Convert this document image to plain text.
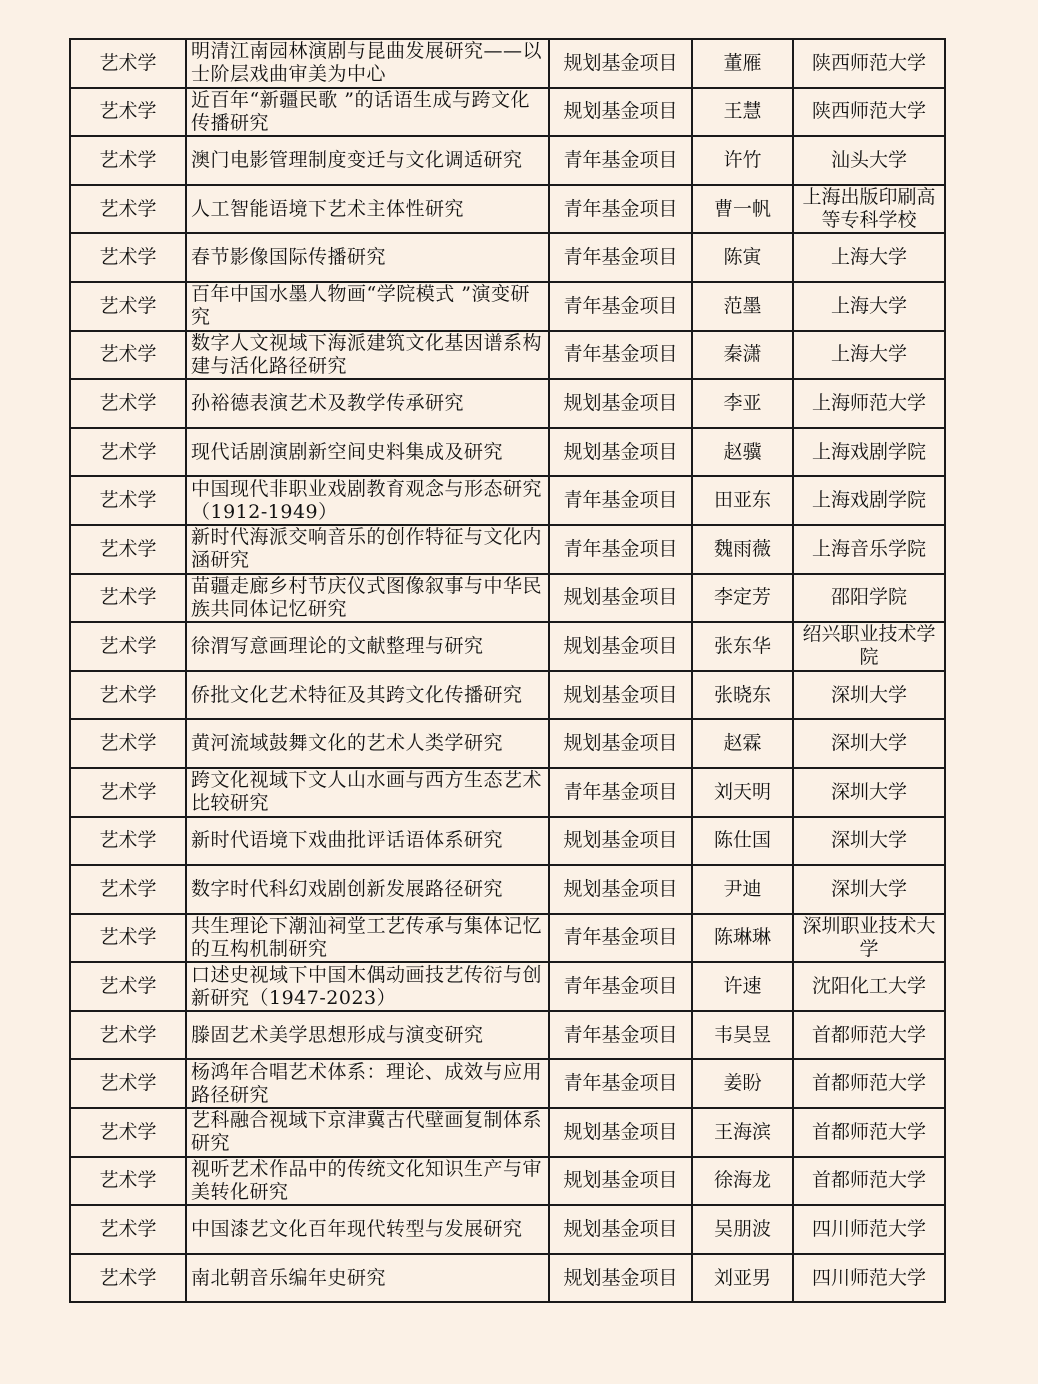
艺术学	明清江南园林演剧与昆曲发展研究——以士阶层戏曲审美为中心	规划基金项目	董雁	陕西师范大学
艺术学	近百年“新疆民歌 ”的话语生成与跨文化传播研究	规划基金项目	王慧	陕西师范大学
艺术学	澳门电影管理制度变迁与文化调适研究	青年基金项目	许竹	汕头大学
艺术学	人工智能语境下艺术主体性研究	青年基金项目	曹一帆	上海出版印刷高等专科学校
艺术学	春节影像国际传播研究	青年基金项目	陈寅	上海大学
艺术学	百年中国水墨人物画“学院模式 ”演变研究	青年基金项目	范墨	上海大学
艺术学	数字人文视域下海派建筑文化基因谱系构建与活化路径研究	青年基金项目	秦潇	上海大学
艺术学	孙裕德表演艺术及教学传承研究	规划基金项目	李亚	上海师范大学
艺术学	现代话剧演剧新空间史料集成及研究	规划基金项目	赵骥	上海戏剧学院
艺术学	中国现代非职业戏剧教育观念与形态研究（1912-1949）	青年基金项目	田亚东	上海戏剧学院
艺术学	新时代海派交响音乐的创作特征与文化内涵研究	青年基金项目	魏雨薇	上海音乐学院
艺术学	苗疆走廊乡村节庆仪式图像叙事与中华民族共同体记忆研究	规划基金项目	李定芳	邵阳学院
艺术学	徐渭写意画理论的文献整理与研究	规划基金项目	张东华	绍兴职业技术学院
艺术学	侨批文化艺术特征及其跨文化传播研究	规划基金项目	张晓东	深圳大学
艺术学	黄河流域鼓舞文化的艺术人类学研究	规划基金项目	赵霖	深圳大学
艺术学	跨文化视域下文人山水画与西方生态艺术比较研究	青年基金项目	刘天明	深圳大学
艺术学	新时代语境下戏曲批评话语体系研究	规划基金项目	陈仕国	深圳大学
艺术学	数字时代科幻戏剧创新发展路径研究	规划基金项目	尹迪	深圳大学
艺术学	共生理论下潮汕祠堂工艺传承与集体记忆的互构机制研究	青年基金项目	陈琳琳	深圳职业技术大学
艺术学	口述史视域下中国木偶动画技艺传衍与创新研究（1947-2023）	青年基金项目	许速	沈阳化工大学
艺术学	滕固艺术美学思想形成与演变研究	青年基金项目	韦昊昱	首都师范大学
艺术学	杨鸿年合唱艺术体系：理论、成效与应用路径研究	青年基金项目	姜盼	首都师范大学
艺术学	艺科融合视域下京津冀古代壁画复制体系研究	规划基金项目	王海滨	首都师范大学
艺术学	视听艺术作品中的传统文化知识生产与审美转化研究	规划基金项目	徐海龙	首都师范大学
艺术学	中国漆艺文化百年现代转型与发展研究	规划基金项目	吴朋波	四川师范大学
艺术学	南北朝音乐编年史研究	规划基金项目	刘亚男	四川师范大学
